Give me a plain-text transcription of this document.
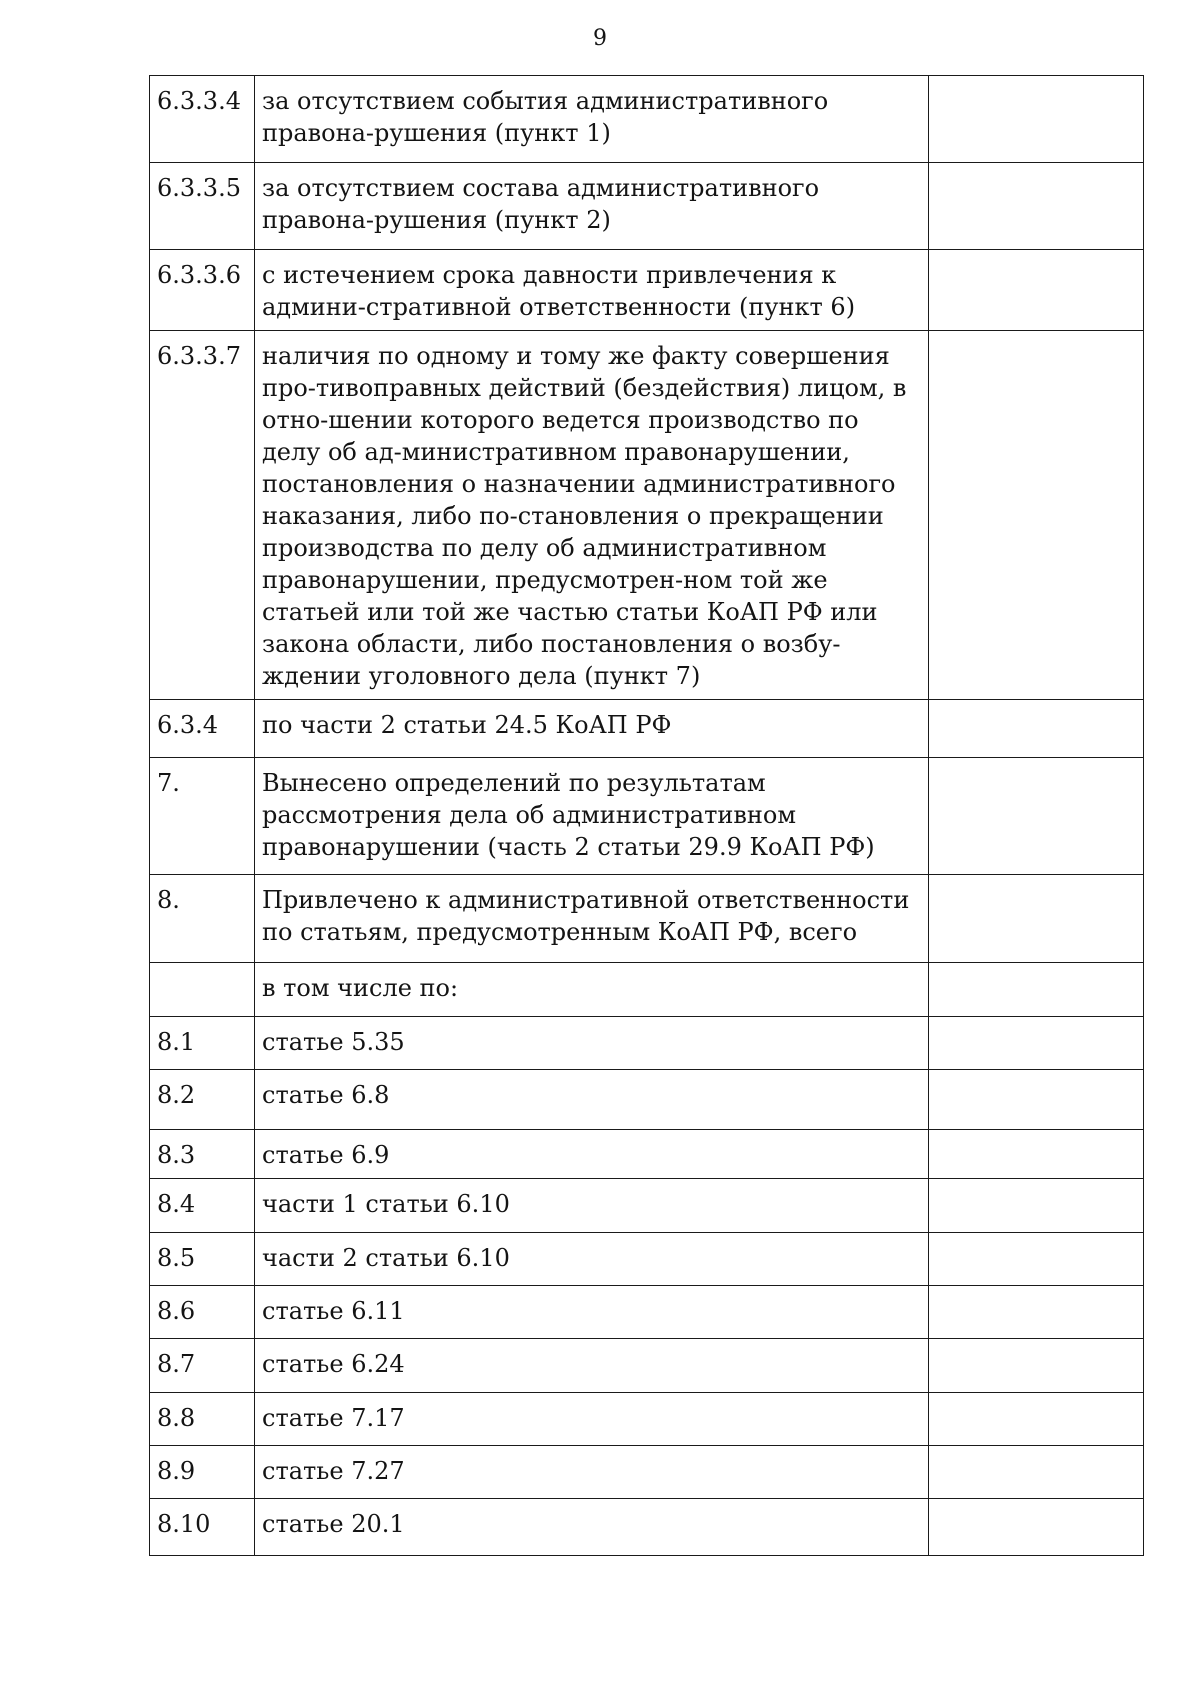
9
6.3.3.4	за отсутствием события административного правона-рушения (пункт 1)	
6.3.3.5	за отсутствием состава административного правона-рушения (пункт 2)	
6.3.3.6	с истечением срока давности привлечения к админи-стративной ответственности (пункт 6)	
6.3.3.7	наличия по одному и тому же факту совершения про-тивоправных действий (бездействия) лицом, в отно-шении которого ведется производство по делу об ад-министративном правонарушении, постановления о назначении административного наказания, либо по-становления о прекращении производства по делу об административном правонарушении, предусмотрен-ном той же статьей или той же частью статьи КоАП РФ или закона области, либо постановления о возбу-ждении уголовного дела (пункт 7)	
6.3.4	по части 2 статьи 24.5 КоАП РФ	
7.	Вынесено определений по результатам рассмотрения дела об административном правонарушении (часть 2 статьи 29.9 КоАП РФ)	
8.	Привлечено к административной ответственности по статьям, предусмотренным КоАП РФ, всего	
	в том числе по:	
8.1	статье 5.35	
8.2	статье 6.8	
8.3	статье 6.9	
8.4	части 1 статьи 6.10	
8.5	части 2 статьи 6.10	
8.6	статье 6.11	
8.7	статье 6.24	
8.8	статье 7.17	
8.9	статье 7.27	
8.10	статье 20.1	
